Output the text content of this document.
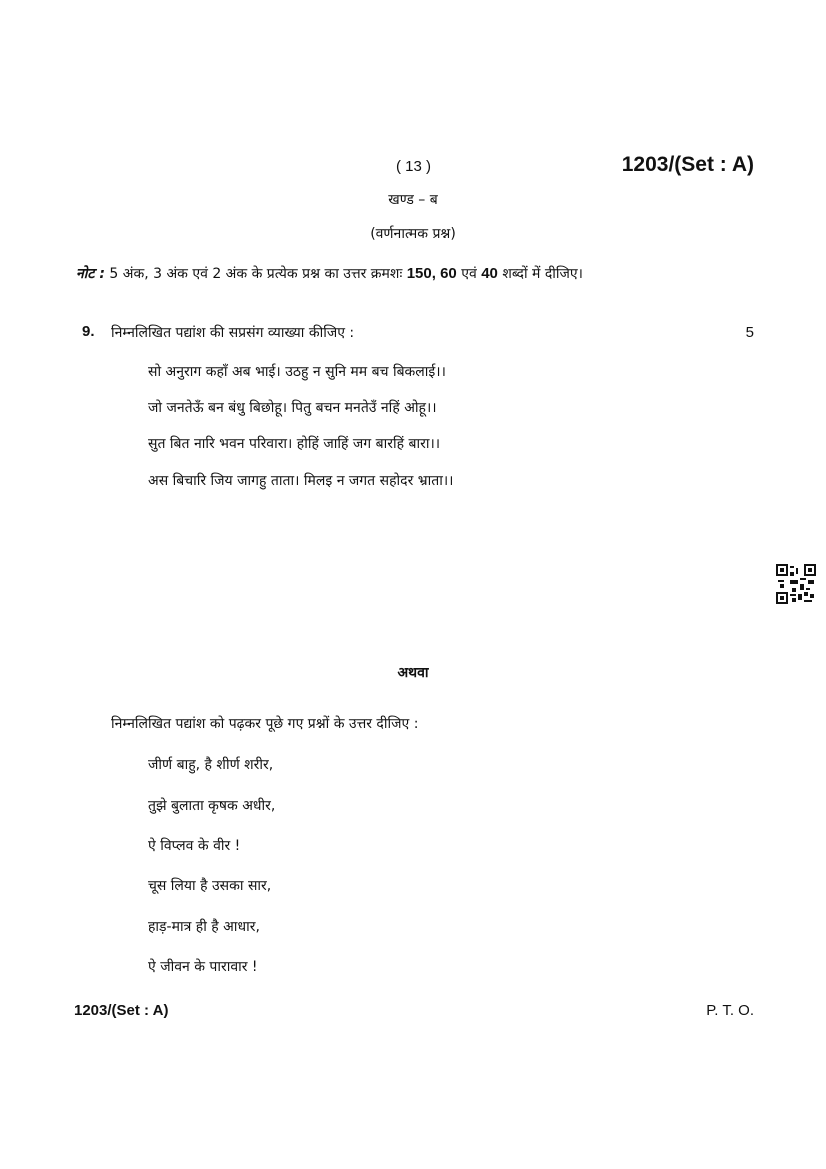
( 13 )	1203/(Set : A)
खण्ड – ब
(वर्णनात्मक प्रश्न)
नोट : 5 अंक, 3 अंक एवं 2 अंक के प्रत्येक प्रश्न का उत्तर क्रमशः 150, 60 एवं 40 शब्दों में दीजिए।
9. निम्नलिखित पद्यांश की सप्रसंग व्याख्या कीजिए :	5
सो अनुराग कहाँ अब भाई। उठहु न सुनि मम बच बिकलाई।।
जो जनतेऊँ बन बंधु बिछोहू। पितु बचन मनतेउँ नहिं ओहू।।
सुत बित नारि भवन परिवारा। होहिं जाहिं जग बारहिं बारा।।
अस बिचारि जिय जागहु ताता। मिलइ न जगत सहोदर भ्राता।।
अथवा
निम्नलिखित पद्यांश को पढ़कर पूछे गए प्रश्नों के उत्तर दीजिए :
जीर्ण बाहु, है शीर्ण शरीर,
तुझे बुलाता कृषक अधीर,
ऐ विप्लव के वीर !
चूस लिया है उसका सार,
हाड़-मात्र ही है आधार,
ऐ जीवन के पारावार !
1203/(Set : A)	P. T. O.
